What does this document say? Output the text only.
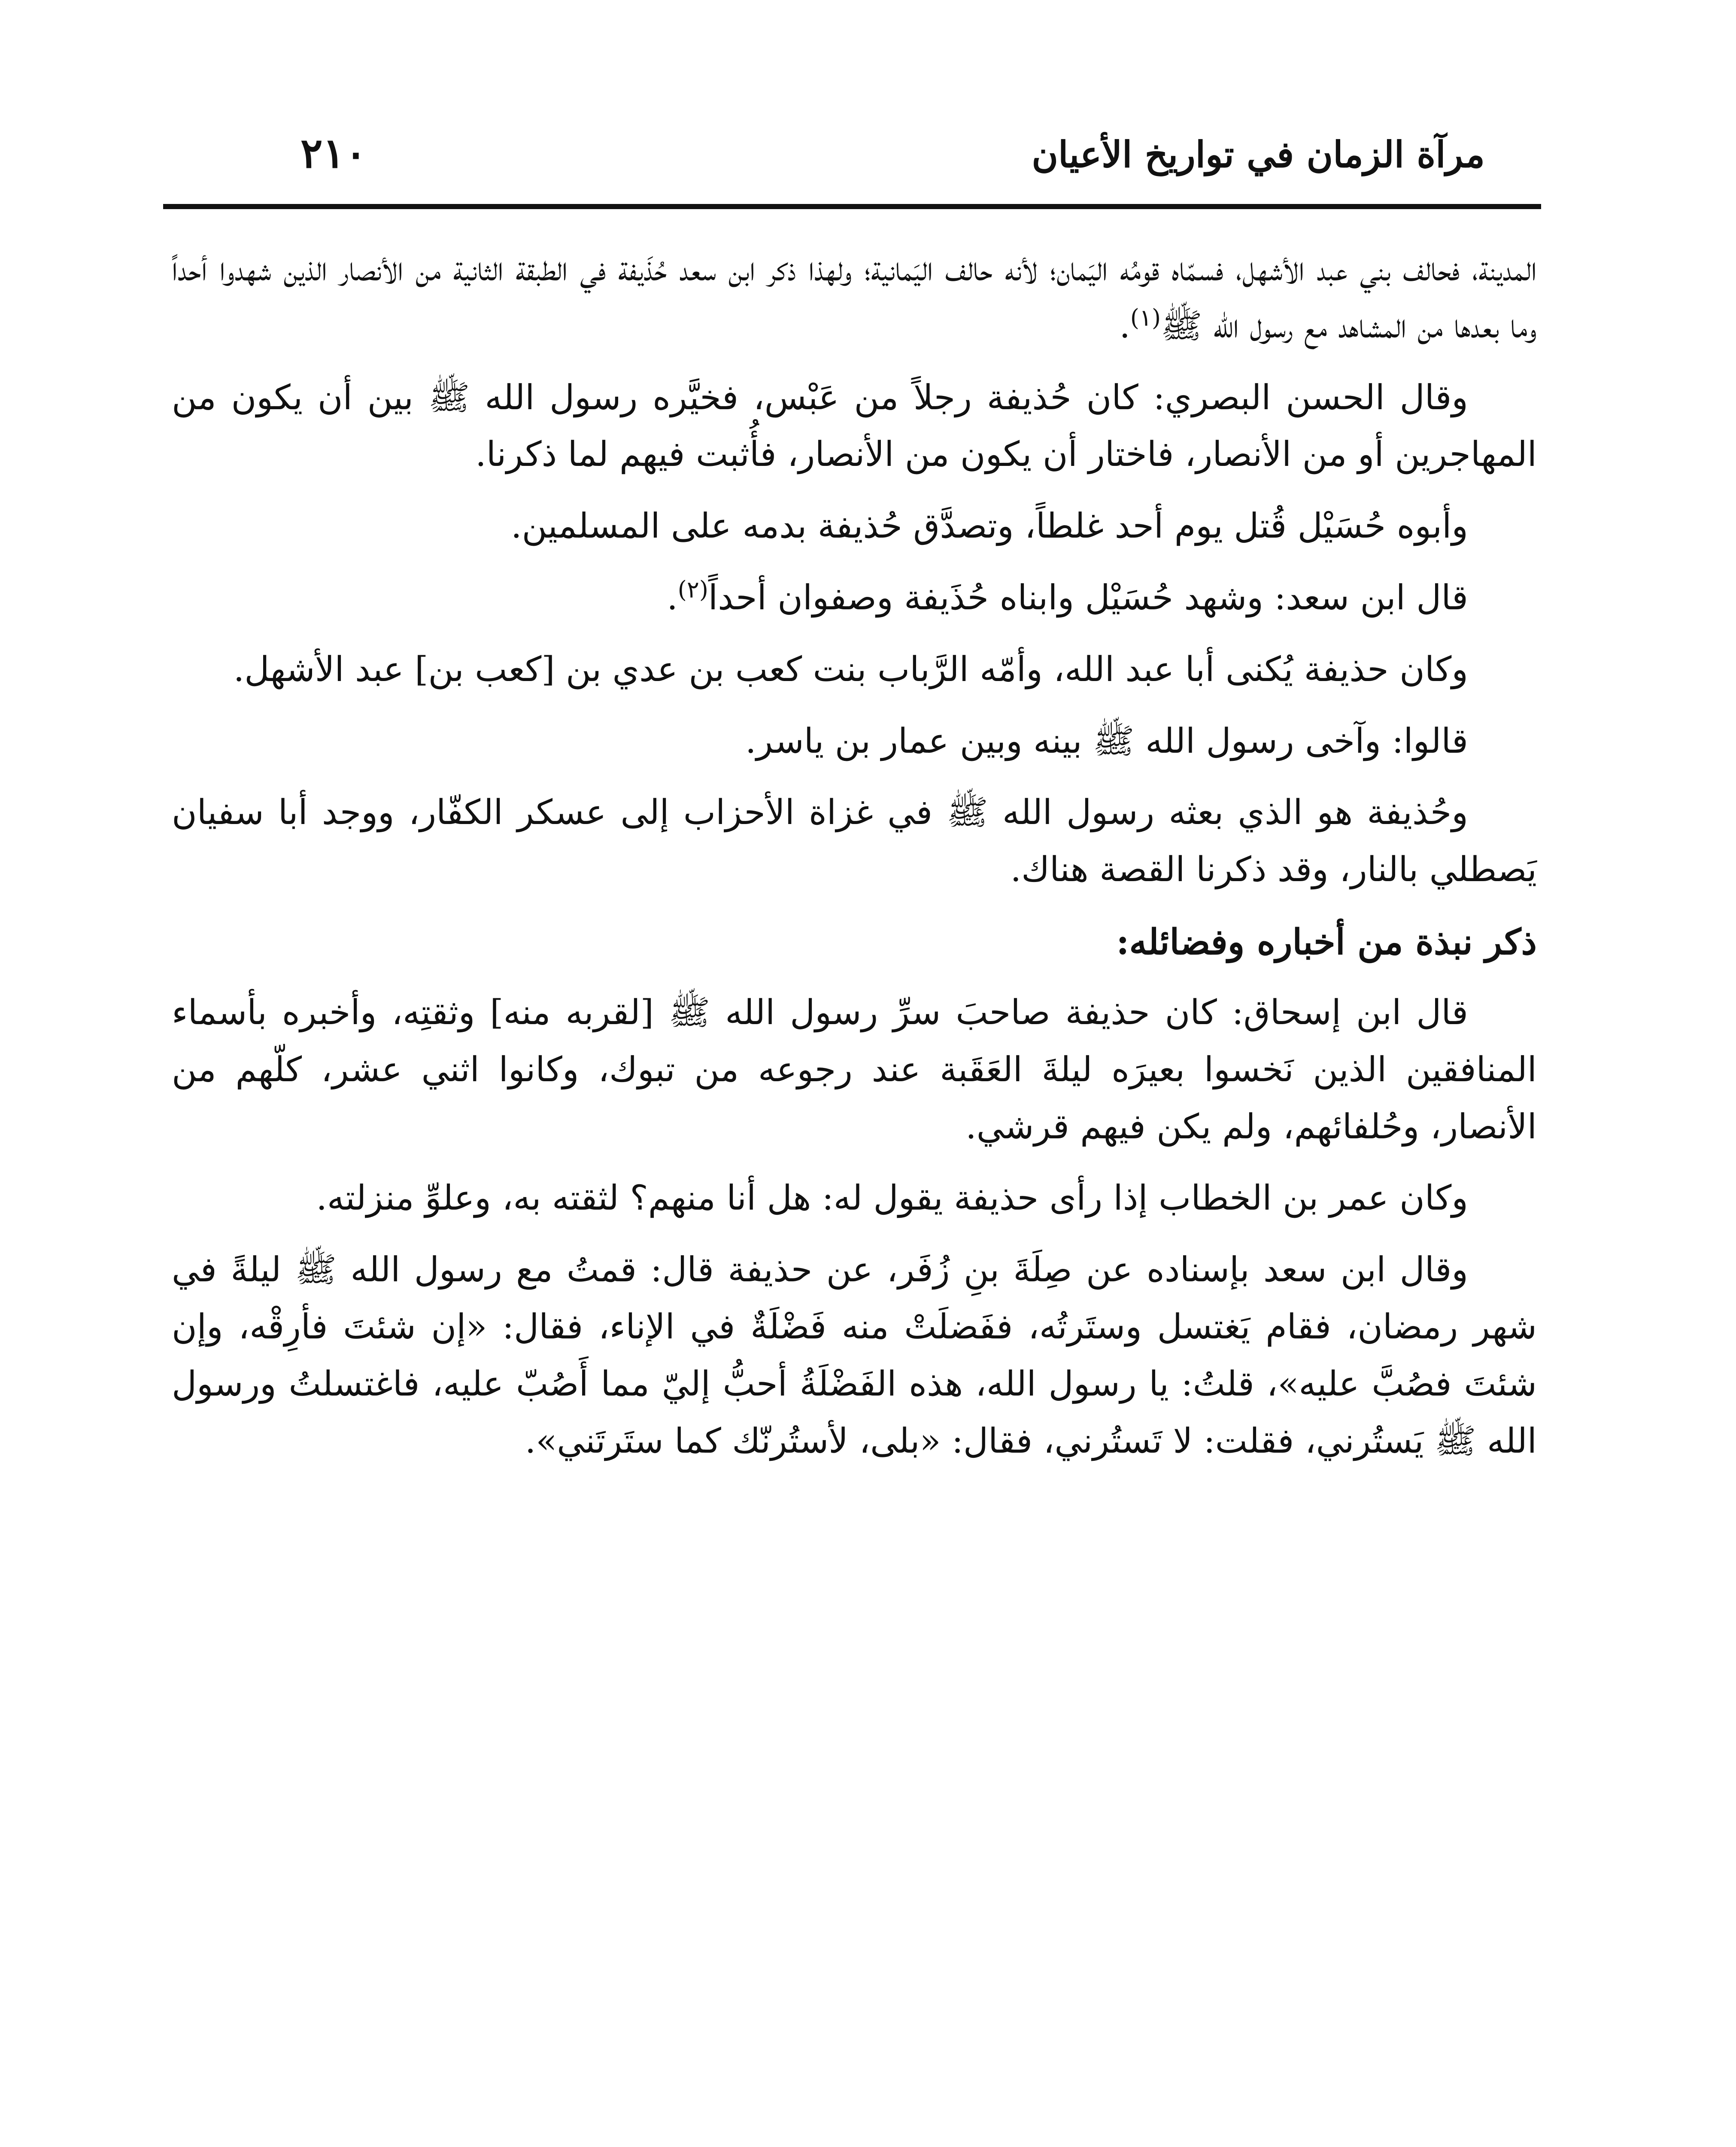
٢١٠	مرآة الزمان في تواريخ الأعيان

المدينة، فحالف بني عبد الأشهل، فسمّاه قومُه اليَمان؛ لأنه حالف اليَمانية؛ ولهذا ذكر ابن سعد حُذَيفة في الطبقة الثانية من الأنصار الذين شهدوا أحداً وما بعدها من المشاهد مع رسول الله ﷺ$^{(١)}$.

وقال الحسن البصري: كان حُذيفة رجلاً من عَبْس، فخيَّره رسول الله ﷺ بين أن يكون من المهاجرين أو من الأنصار، فاختار أن يكون من الأنصار، فأُثبت فيهم لما ذكرنا.

وأبوه حُسَيْل قُتل يوم أحد غلطاً، وتصدَّق حُذيفة بدمه على المسلمين.

قال ابن سعد: وشهد حُسَيْل وابناه حُذَيفة وصفوان أحداً$^{(٢)}$.

وكان حذيفة يُكنى أبا عبد الله، وأمّه الرَّباب بنت كعب بن عدي بن [كعب بن] عبد الأشهل.

قالوا: وآخى رسول الله ﷺ بينه وبين عمار بن ياسر.

وحُذيفة هو الذي بعثه رسول الله ﷺ في غزاة الأحزاب إلى عسكر الكفّار، ووجد أبا سفيان يَصطلي بالنار، وقد ذكرنا القصة هناك.

ذكر نبذة من أخباره وفضائله:

قال ابن إسحاق: كان حذيفة صاحبَ سرِّ رسول الله ﷺ [لقربه منه] وثقتِه، وأخبره بأسماء المنافقين الذين نَخسوا بعيرَه ليلةَ العَقَبة عند رجوعه من تبوك، وكانوا اثني عشر، كلّهم من الأنصار، وحُلفائهم، ولم يكن فيهم قرشي.

وكان عمر بن الخطاب إذا رأى حذيفة يقول له: هل أنا منهم؟ لثقته به، وعلوِّ منزلته.

وقال ابن سعد بإسناده عن صِلَةَ بنِ زُفَر، عن حذيفة قال: قمتُ مع رسول الله ﷺ ليلةً في شهر رمضان، فقام يَغتسل وستَرتُه، ففَضلَتْ منه فَضْلَةٌ في الإناء، فقال: «إن شئتَ فأرِقْه، وإن شئتَ فصُبَّ عليه»، قلتُ: يا رسول الله، هذه الفَضْلَةُ أحبُّ إليّ مما أَصُبّ عليه، فاغتسلتُ ورسول الله ﷺ يَستُرني، فقلت: لا تَستُرني، فقال: «بلى، لأستُرنّك كما ستَرتَني».
